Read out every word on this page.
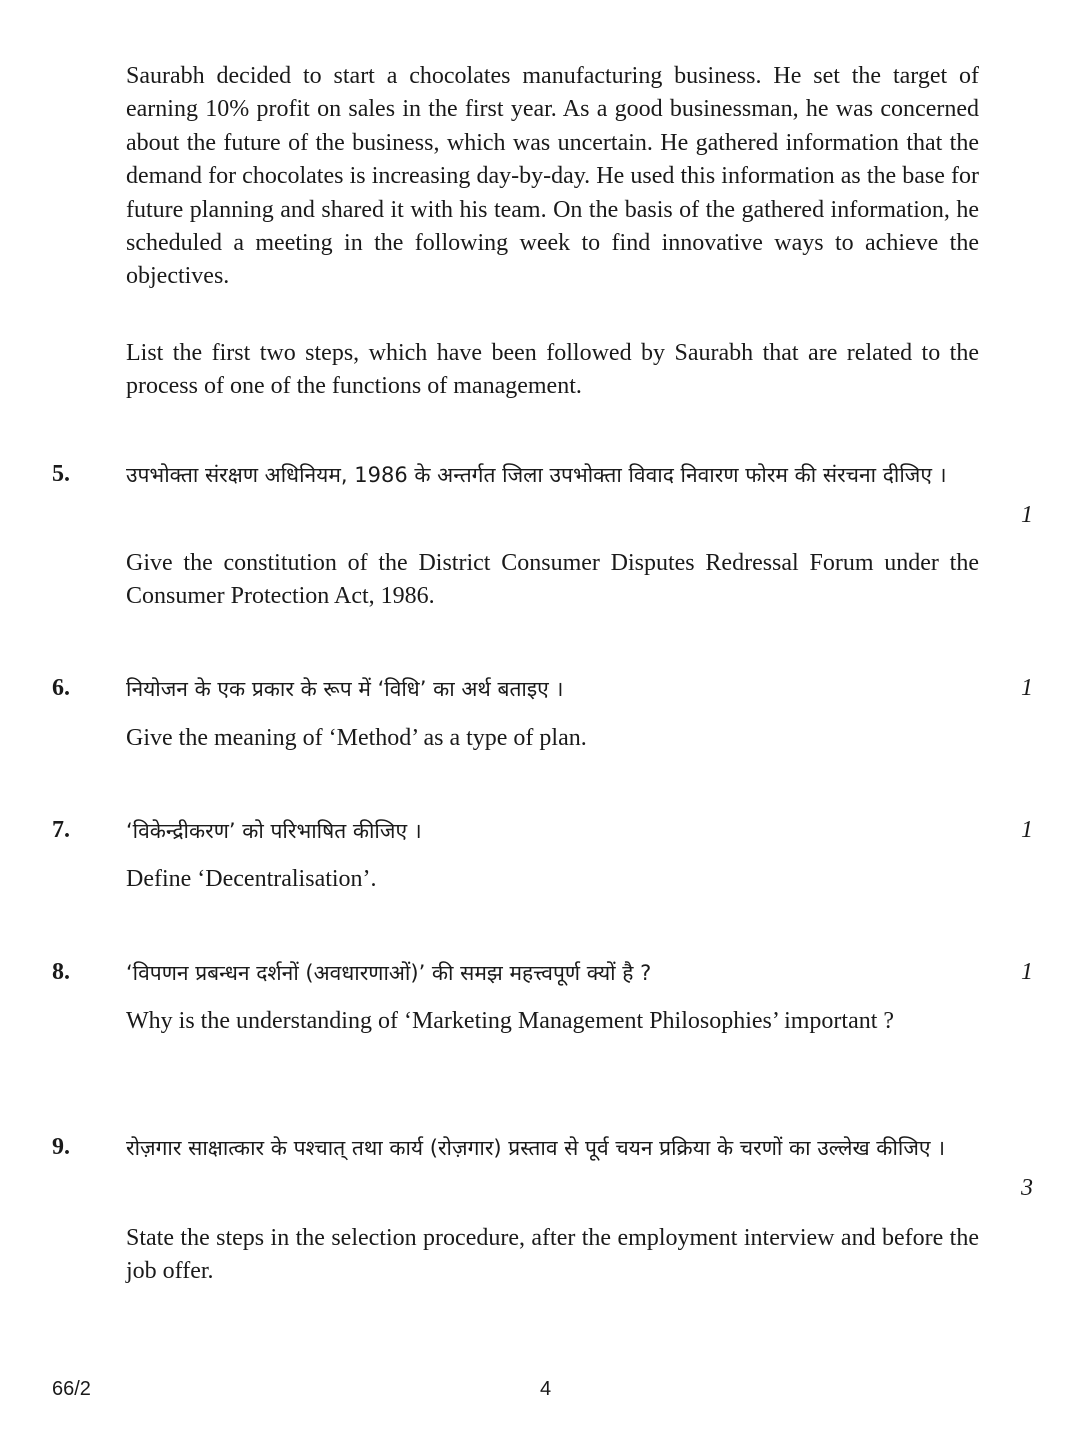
Saurabh decided to start a chocolates manufacturing business. He set the target of earning 10% profit on sales in the first year. As a good businessman, he was concerned about the future of the business, which was uncertain. He gathered information that the demand for chocolates is increasing day-by-day. He used this information as the base for future planning and shared it with his team. On the basis of the gathered information, he scheduled a meeting in the following week to find innovative ways to achieve the objectives.

List the first two steps, which have been followed by Saurabh that are related to the process of one of the functions of management.

5.	उपभोक्ता संरक्षण अधिनियम, 1986 के अन्तर्गत जिला उपभोक्ता विवाद निवारण फोरम की संरचना दीजिए ।

1

Give the constitution of the District Consumer Disputes Redressal Forum under the Consumer Protection Act, 1986.

6.	नियोजन के एक प्रकार के रूप में ‘विधि’ का अर्थ बताइए ।	1

Give the meaning of ‘Method’ as a type of plan.

7.	‘विकेन्द्रीकरण’ को परिभाषित कीजिए ।	1

Define ‘Decentralisation’.

8.	‘विपणन प्रबन्धन दर्शनों (अवधारणाओं)’ की समझ महत्त्वपूर्ण क्यों है ?	1

Why is the understanding of ‘Marketing Management Philosophies’ important ?

9.	रोज़गार साक्षात्कार के पश्चात् तथा कार्य (रोज़गार) प्रस्ताव से पूर्व चयन प्रक्रिया के चरणों का उल्लेख कीजिए ।

3

State the steps in the selection procedure, after the employment interview and before the job offer.

66/2	4
